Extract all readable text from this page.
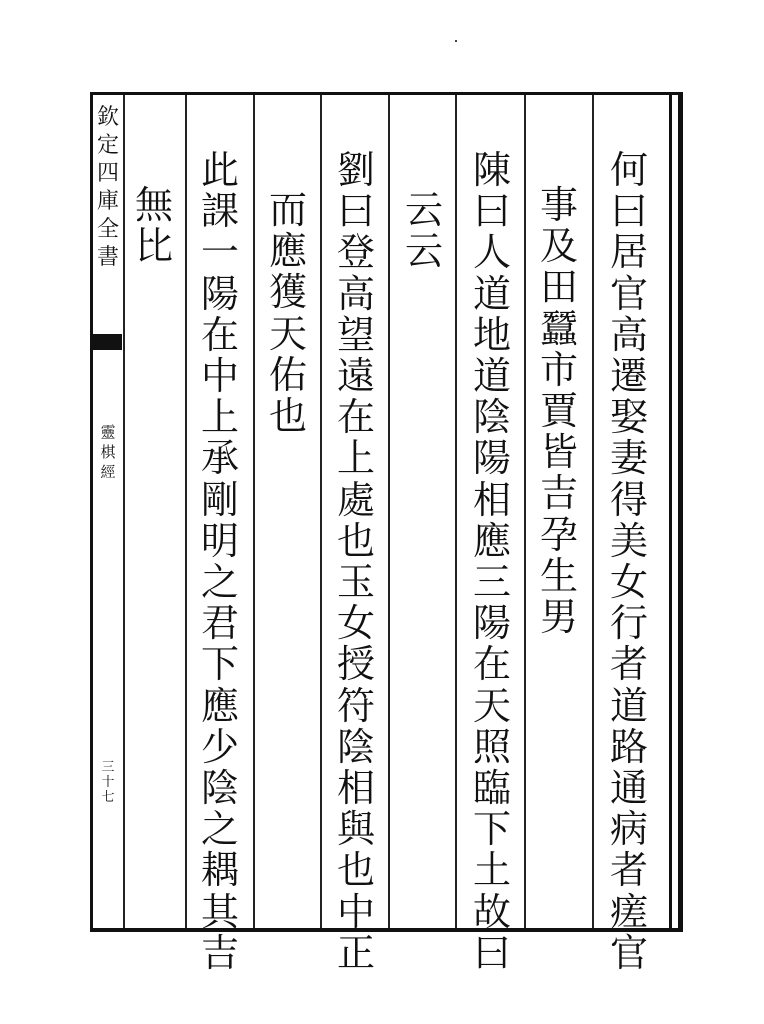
欽
定
四
庫
全
書
靈
棋
經
三
十
七
何
曰
居
官
高
遷
娶
妻
得
美
女
行
者
道
路
通
病
者
瘥
官
事
及
田
蠶
市
賈
皆
吉
孕
生
男
陳
曰
人
道
地
道
陰
陽
相
應
三
陽
在
天
照
臨
下
土
故
曰
云
云
劉
曰
登
高
望
遠
在
上
處
也
玉
女
授
符
陰
相
與
也
中
正
而
應
獲
天
佑
也
此
課
一
陽
在
中
上
承
剛
明
之
君
下
應
少
陰
之
耦
其
吉
無
比
